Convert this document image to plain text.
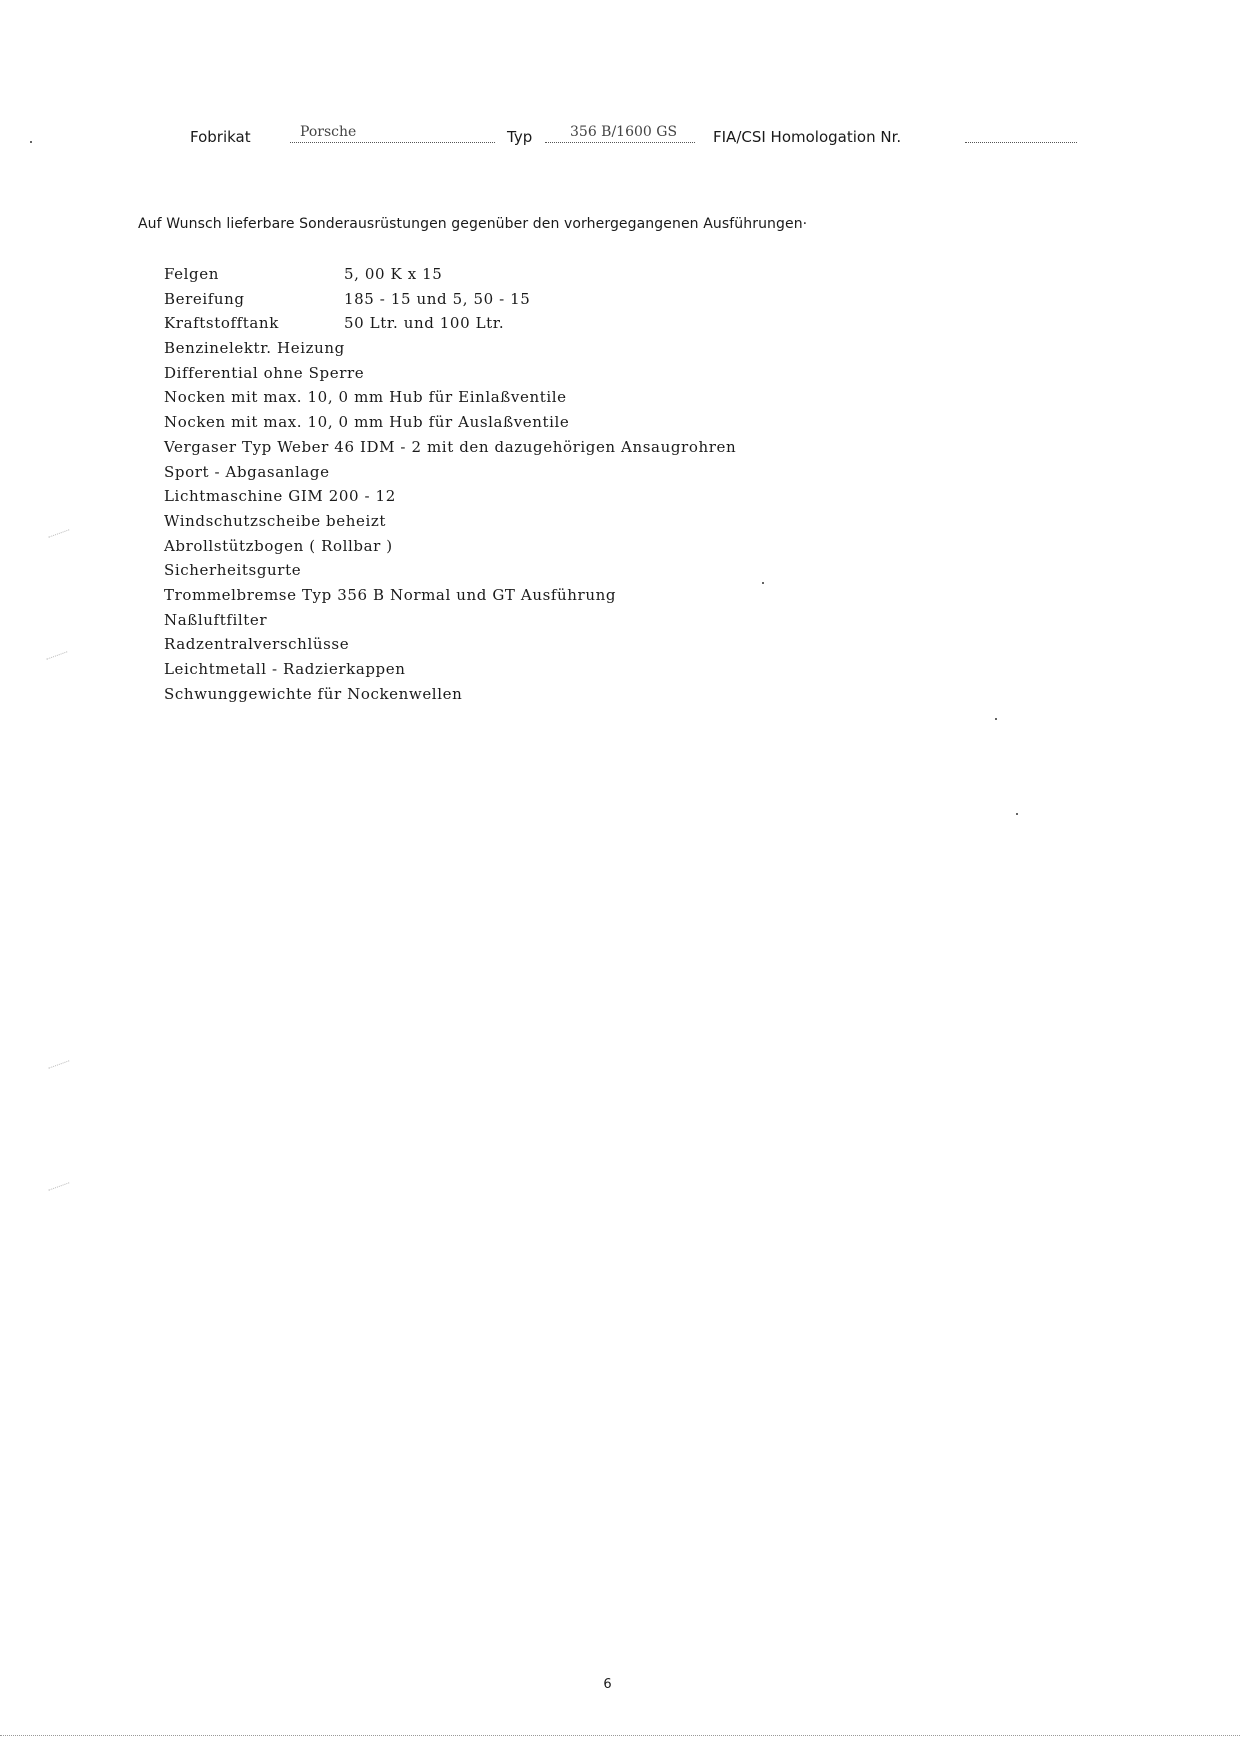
Fobrikat	Porsche	Typ	356 B/1600 GS FIA/CSI Homologation Nr.
Auf Wunsch lieferbare Sonderausrüstungen gegenüber den vorhergegangenen Ausführungen·
Felgen	5, 00 K x 15
Bereifung	185 - 15 und 5, 50 - 15
Kraftstofftank	50 Ltr. und 100 Ltr.
Benzinelektr. Heizung
Differential ohne Sperre
Nocken mit max. 10, 0 mm Hub für Einlaßventile
Nocken mit max. 10, 0 mm Hub für Auslaßventile
Vergaser Typ Weber 46 IDM - 2 mit den dazugehörigen Ansaugrohren
Sport - Abgasanlage
Lichtmaschine GIM 200 - 12
Windschutzscheibe beheizt
Abrollstützbogen ( Rollbar )
Sicherheitsgurte
Trommelbremse Typ 356 B Normal und GT Ausführung
Naßluftfilter
Radzentralverschlüsse
Leichtmetall - Radzierkappen
Schwunggewichte für Nockenwellen
6
